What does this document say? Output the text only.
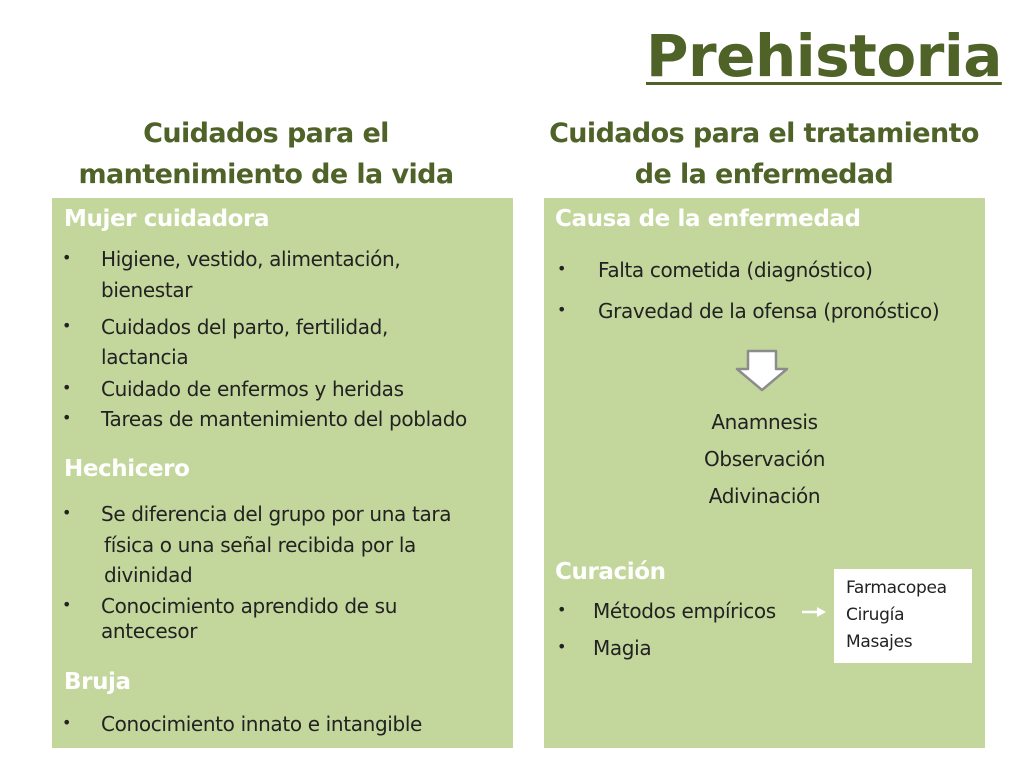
Prehistoria
Cuidados para el
mantenimiento de la vida
Cuidados para el tratamiento
de la enfermedad
Mujer cuidadora
• Higiene, vestido, alimentación,
bienestar
• Cuidados del parto, fertilidad,
lactancia
• Cuidado de enfermos y heridas
• Tareas de mantenimiento del poblado
Hechicero
• Se diferencia del grupo por una tara
física o una señal recibida por la
divinidad
• Conocimiento aprendido de su
antecesor
Bruja
• Conocimiento innato e intangible
Causa de la enfermedad
• Falta cometida (diagnóstico)
• Gravedad de la ofensa (pronóstico)
Anamnesis
Observación
Adivinación
Curación
• Métodos empíricos
• Magia
Farmacopea
Cirugía
Masajes
